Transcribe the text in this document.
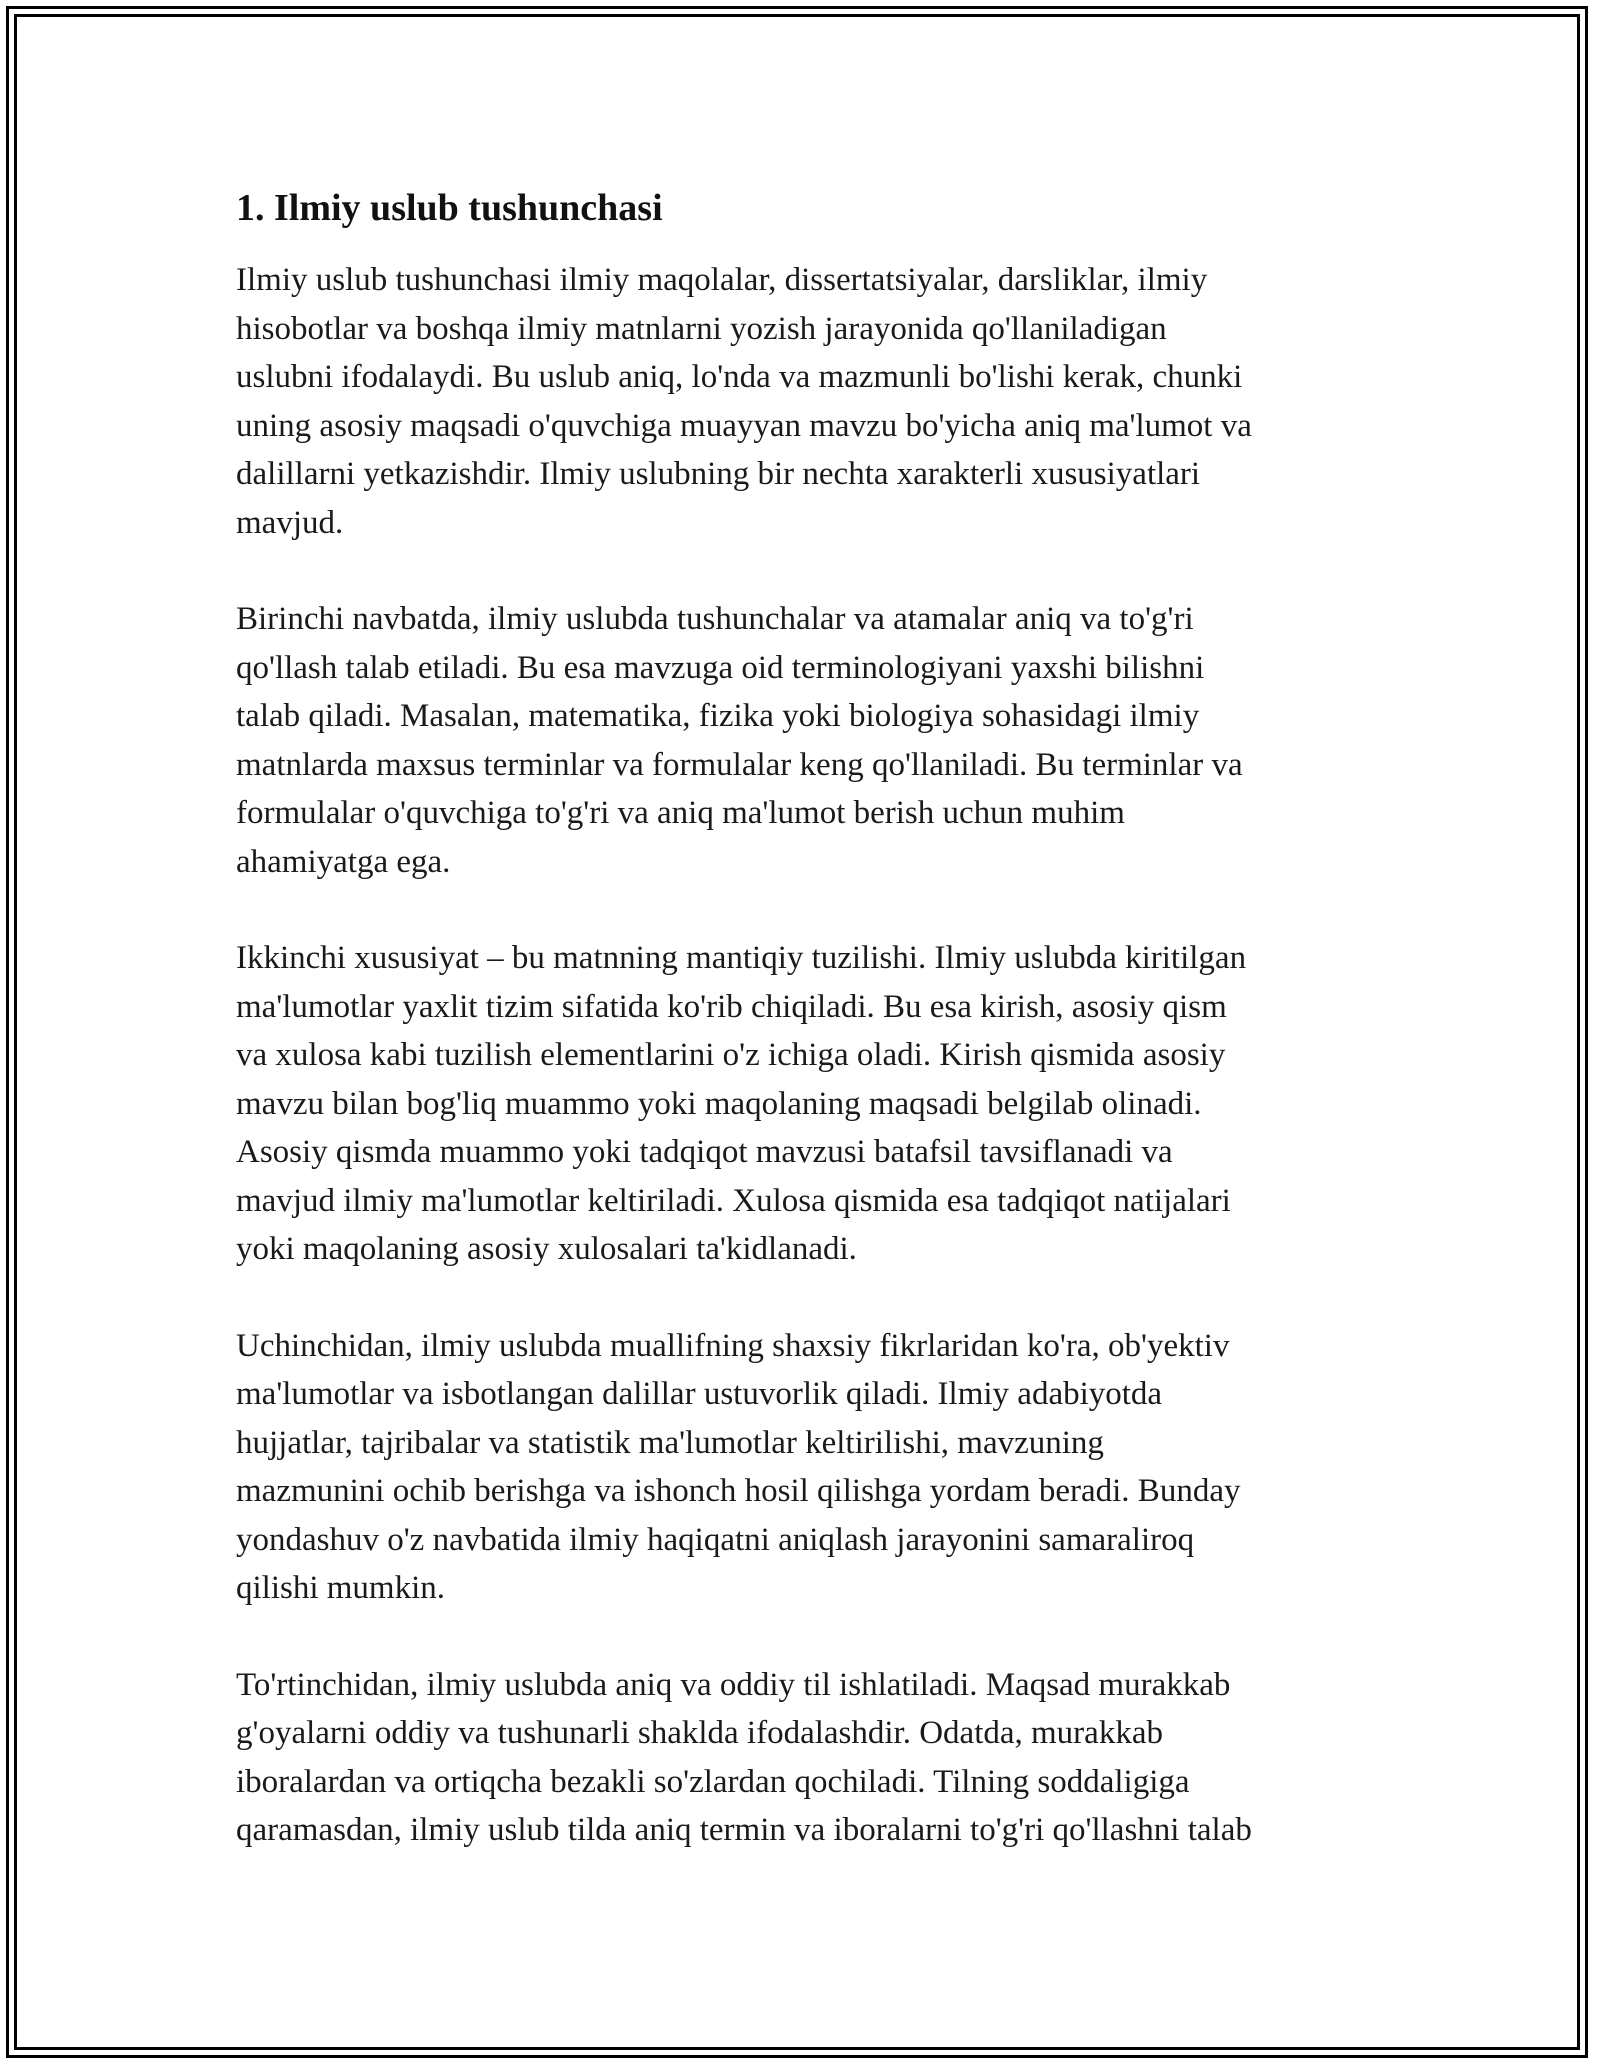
1. Ilmiy uslub tushunchasi

Ilmiy uslub tushunchasi ilmiy maqolalar, dissertatsiyalar, darsliklar, ilmiy
hisobotlar va boshqa ilmiy matnlarni yozish jarayonida qo'llaniladigan
uslubni ifodalaydi. Bu uslub aniq, lo'nda va mazmunli bo'lishi kerak, chunki
uning asosiy maqsadi o'quvchiga muayyan mavzu bo'yicha aniq ma'lumot va
dalillarni yetkazishdir. Ilmiy uslubning bir nechta xarakterli xususiyatlari
mavjud.

Birinchi navbatda, ilmiy uslubda tushunchalar va atamalar aniq va to'g'ri
qo'llash talab etiladi. Bu esa mavzuga oid terminologiyani yaxshi bilishni
talab qiladi. Masalan, matematika, fizika yoki biologiya sohasidagi ilmiy
matnlarda maxsus terminlar va formulalar keng qo'llaniladi. Bu terminlar va
formulalar o'quvchiga to'g'ri va aniq ma'lumot berish uchun muhim
ahamiyatga ega.

Ikkinchi xususiyat – bu matnning mantiqiy tuzilishi. Ilmiy uslubda kiritilgan
ma'lumotlar yaxlit tizim sifatida ko'rib chiqiladi. Bu esa kirish, asosiy qism
va xulosa kabi tuzilish elementlarini o'z ichiga oladi. Kirish qismida asosiy
mavzu bilan bog'liq muammo yoki maqolaning maqsadi belgilab olinadi.
Asosiy qismda muammo yoki tadqiqot mavzusi batafsil tavsiflanadi va
mavjud ilmiy ma'lumotlar keltiriladi. Xulosa qismida esa tadqiqot natijalari
yoki maqolaning asosiy xulosalari ta'kidlanadi.

Uchinchidan, ilmiy uslubda muallifning shaxsiy fikrlaridan ko'ra, ob'yektiv
ma'lumotlar va isbotlangan dalillar ustuvorlik qiladi. Ilmiy adabiyotda
hujjatlar, tajribalar va statistik ma'lumotlar keltirilishi, mavzuning
mazmunini ochib berishga va ishonch hosil qilishga yordam beradi. Bunday
yondashuv o'z navbatida ilmiy haqiqatni aniqlash jarayonini samaraliroq
qilishi mumkin.

To'rtinchidan, ilmiy uslubda aniq va oddiy til ishlatiladi. Maqsad murakkab
g'oyalarni oddiy va tushunarli shaklda ifodalashdir. Odatda, murakkab
iboralardan va ortiqcha bezakli so'zlardan qochiladi. Tilning soddaligiga
qaramasdan, ilmiy uslub tilda aniq termin va iboralarni to'g'ri qo'llashni talab
